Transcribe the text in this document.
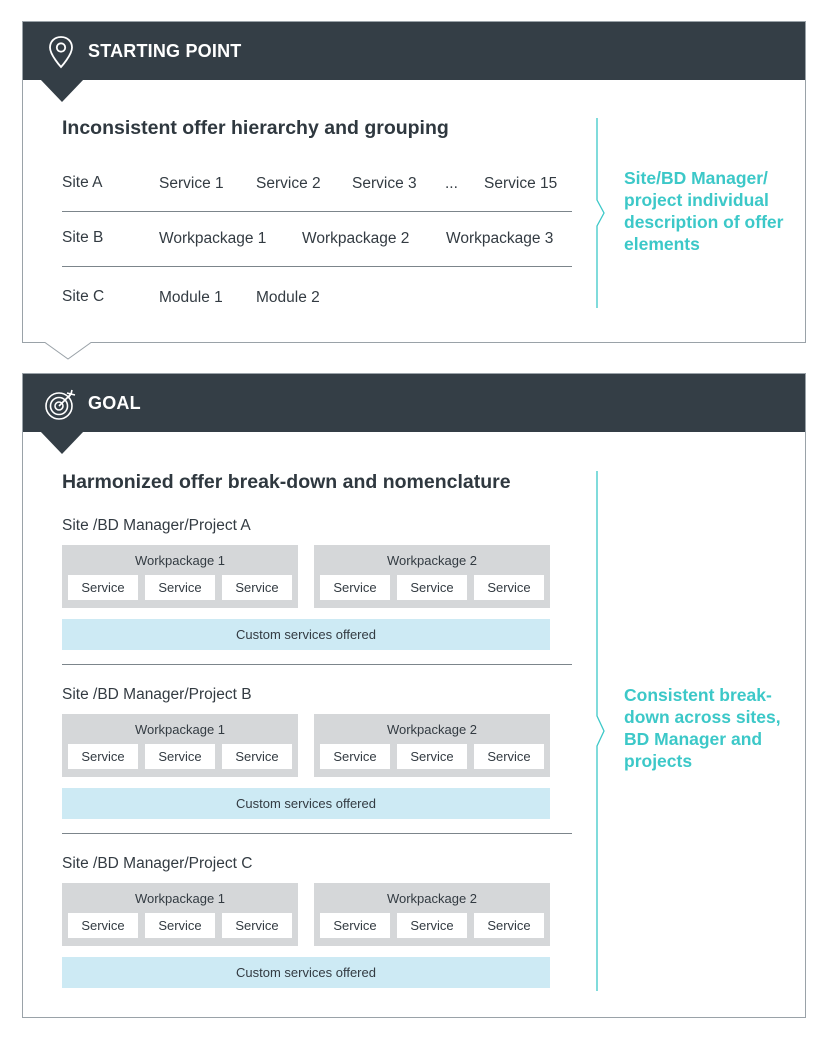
STARTING POINT
Inconsistent offer hierarchy and grouping
Site A	Service 1 Service 2 Service 3 ... Service 15
Site B	Workpackage 1 Workpackage 2 Workpackage 3
Site C	Module 1 Module 2
Site/BD Manager/ project individual description of offer elements
GOAL
Harmonized offer break-down and nomenclature
Site /BD Manager/Project A
Workpackage 1
Service	Service	Service
Workpackage 2
Service	Service	Service
Custom services offered
Site /BD Manager/Project B
Workpackage 1
Service	Service	Service
Workpackage 2
Service	Service	Service
Custom services offered
Site /BD Manager/Project C
Workpackage 1
Service	Service	Service
Workpackage 2
Service	Service	Service
Custom services offered
Consistent break-down across sites, BD Manager and projects
